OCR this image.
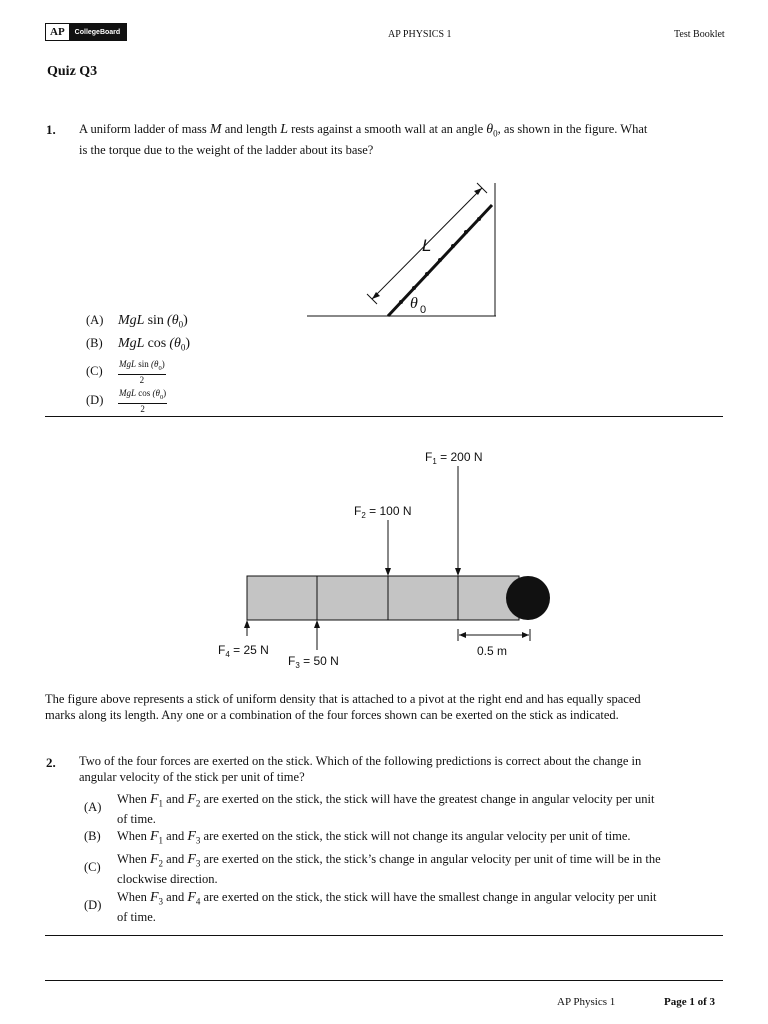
AP	CollegeBoard	AP PHYSICS 1	Test Booklet
Quiz Q3
1. A uniform ladder of mass M and length L rests against a smooth wall at an angle $\theta_0$, as shown in the figure. What
is the torque due to the weight of the ladder about its base?
L
θ 0
(A) MgL $\sin (\theta_0)$
(B) MgL $\cos (\theta_0)$
$(C) \frac{MgL \sin (\theta_0)}{2}$
$(D) \frac{MgL \cos (\theta_0)}{2}$
$F_1 = 200$ N
$F_2 = 100$ N
$F_3 = 50$ N
$F_4 = 25$ N	0.5 m
The figure above represents a stick of uniform density that is attached to a pivot at the right end and has equally spaced
marks along its length. Any one or a combination of the four forces shown can be exerted on the stick as indicated.
2. Two of the four forces are exerted on the stick. Which of the following predictions is correct about the change in
angular velocity of the stick per unit of time?
(A)
When $F_1$ and $F_2$ are exerted on the stick, the stick will have the greatest change in angular velocity per unit
of time.
(B) When $F_1$ and $F_3$ are exerted on the stick, the stick will not change its angular velocity per unit of time.
(C)
When $F_2$ and $F_3$ are exerted on the stick, the stick’s change in angular velocity per unit of time will be in the
clockwise direction.
(D)
When $F_3$ and $F_4$ are exerted on the stick, the stick will have the smallest change in angular velocity per unit
of time.
AP Physics 1	Page 1 of 3
